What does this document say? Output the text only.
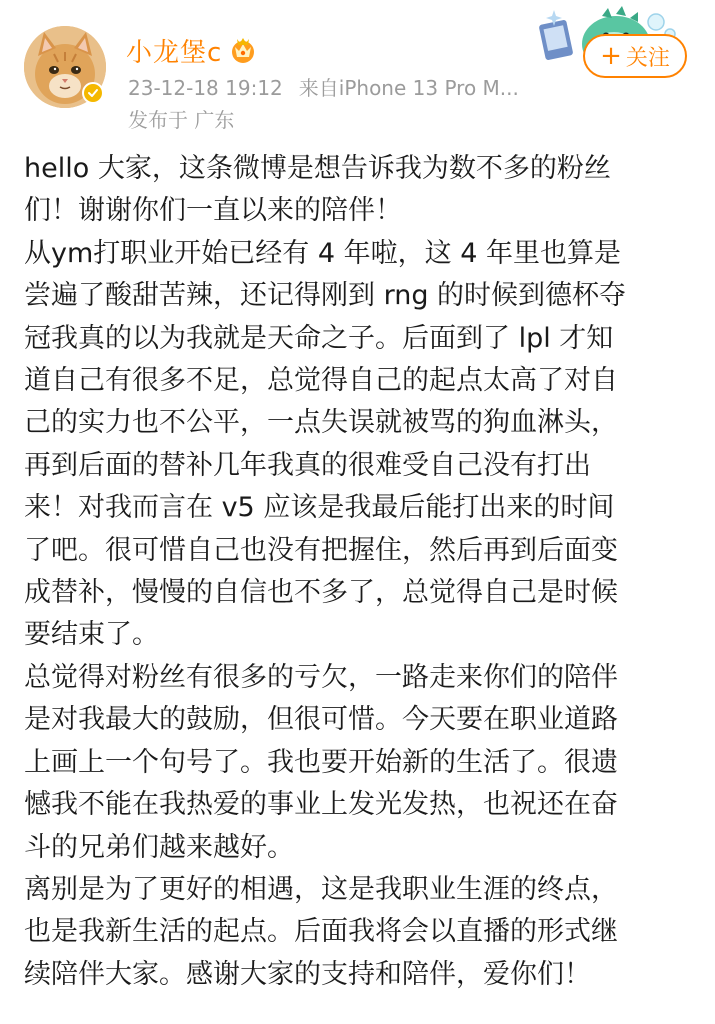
小龙堡c
23-12-18 19:12 来自iPhone 13 Pro M...
发布于 广东
+ 关注
hello 大家，这条微博是想告诉我为数不多的粉丝
们！谢谢你们一直以来的陪伴！
从ym打职业开始已经有 4 年啦，这 4 年里也算是
尝遍了酸甜苦辣，还记得刚到 rng 的时候到德杯夺
冠我真的以为我就是天命之子。后面到了 lpl 才知
道自己有很多不足，总觉得自己的起点太高了对自
己的实力也不公平，一点失误就被骂的狗血淋头，
再到后面的替补几年我真的很难受自己没有打出
来！对我而言在 v5 应该是我最后能打出来的时间
了吧。很可惜自己也没有把握住，然后再到后面变
成替补，慢慢的自信也不多了，总觉得自己是时候
要结束了。
总觉得对粉丝有很多的亏欠，一路走来你们的陪伴
是对我最大的鼓励，但很可惜。今天要在职业道路
上画上一个句号了。我也要开始新的生活了。很遗
憾我不能在我热爱的事业上发光发热，也祝还在奋
斗的兄弟们越来越好。
离别是为了更好的相遇，这是我职业生涯的终点，
也是我新生活的起点。后面我将会以直播的形式继
续陪伴大家。感谢大家的支持和陪伴，爱你们！
